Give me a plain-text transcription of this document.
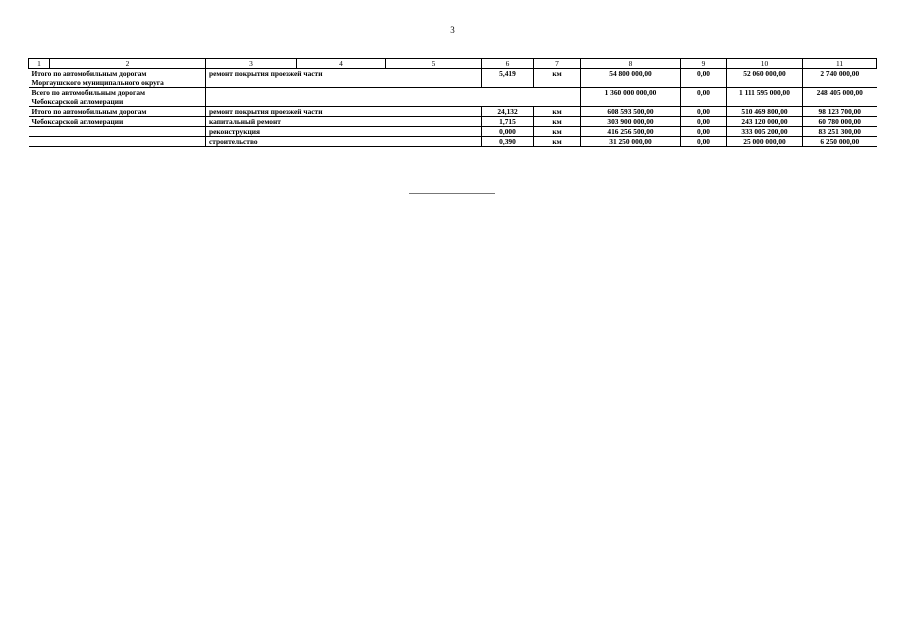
3
1	2	3	4	5	6	7	8	9	10	11
Итого по автомобильным дорогам		ремонт покрытия проезжей части			5,419	км	54 800 000,00	0,00	52 060 000,00	2 740 000,00
Моргаушского муниципального округа										
Всего по автомобильным дорогам							1 360 000 000,00	0,00	1 111 595 000,00	248 405 000,00
Чебоксарской агломерации										
Итого по автомобильным дорогам		ремонт покрытия проезжей части			24,132	км	608 593 500,00	0,00	510 469 800,00	98 123 700,00
Чебоксарской агломерации		капитальный ремонт			1,715	км	303 900 000,00	0,00	243 120 000,00	60 780 000,00
		реконструкция			0,000	км	416 256 500,00	0,00	333 005 200,00	83 251 300,00
		строительство			0,390	км	31 250 000,00	0,00	25 000 000,00	6 250 000,00
